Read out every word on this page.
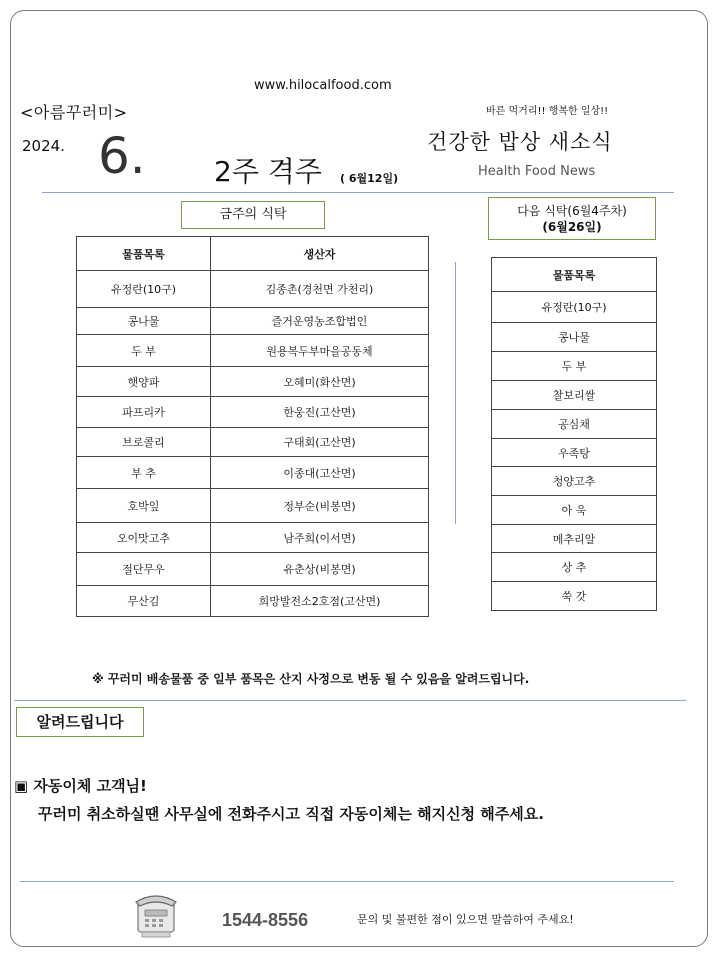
www.hilocalfood.com
<아름꾸러미>	바른 먹거리!! 행복한 일상!!
2024. 6.	건강한 밥상 새소식
2주 격주 ( 6월12일)	Health Food News
금주의 식탁	다음 식탁(6월4주차)
(6월26일)
물품목록	생산자
유정란(10구)	김종촌(경천면 가천리)
콩나물	즐거운영농조합법인
두 부	원용복두부마을공동체
햇양파	오혜미(화산면)
파프리카	한웅진(고산면)
브로콜리	구태회(고산면)
부 추	이종대(고산면)
호박잎	정부순(비봉면)
오이맛고추	남주희(이서면)
절단무우	유춘상(비봉면)
무산김	희망발전소2호점(고산면)
물품목록
유정란(10구)
콩나물
두 부
찰보리쌀
공심채
우족탕
청양고추
아 욱
메추리알
상 추
쑥 갓
※ 꾸러미 배송물품 중 일부 품목은 산지 사정으로 변동 될 수 있음을 알려드립니다.
알려드립니다
▣ 자동이체 고객님!
꾸러미 취소하실땐 사무실에 전화주시고 직접 자동이체는 해지신청 해주세요.
1544-8556	문의 및 불편한 점이 있으면 말씀하여 주세요!
